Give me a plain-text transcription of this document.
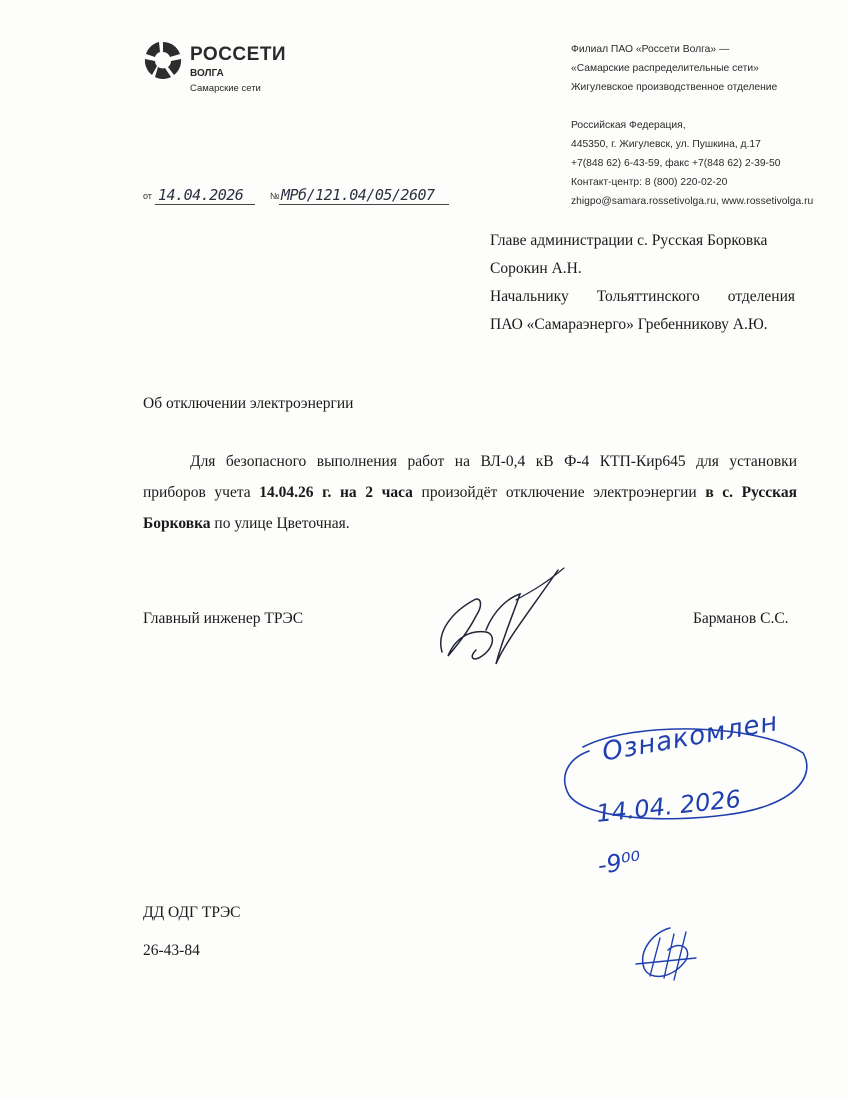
РОССЕТИ
ВОЛГА
Самарские сети
Филиал ПАО «Россети Волга» —
«Самарские распределительные сети»
Жигулевское производственное отделение
Российская Федерация,
445350, г. Жигулевск, ул. Пушкина, д.17
+7(848 62) 6-43-59, факс +7(848 62) 2-39-50
Контакт-центр: 8 (800) 220-02-20
zhigpo@samara.rossetivolga.ru, www.rossetivolga.ru
от 14.04.2026	№ МРб/121.04/05/2607
Главе администрации с. Русская Борковка
Сорокин А.Н.
Начальнику Тольяттинского отделения
ПАО «Самараэнерго» Гребенникову А.Ю.
Об отключении электроэнергии
Для безопасного выполнения работ на ВЛ-0,4 кВ Ф-4 КТП-Кир645 для установки приборов учета 14.04.26 г. на 2 часа произойдёт отключение электроэнергии в с. Русская Борковка по улице Цветочная.
Главный инженер ТРЭС	Барманов С.С.
Ознакомлен
14.04. 2026
-9⁰⁰
ДД ОДГ ТРЭС
26-43-84
